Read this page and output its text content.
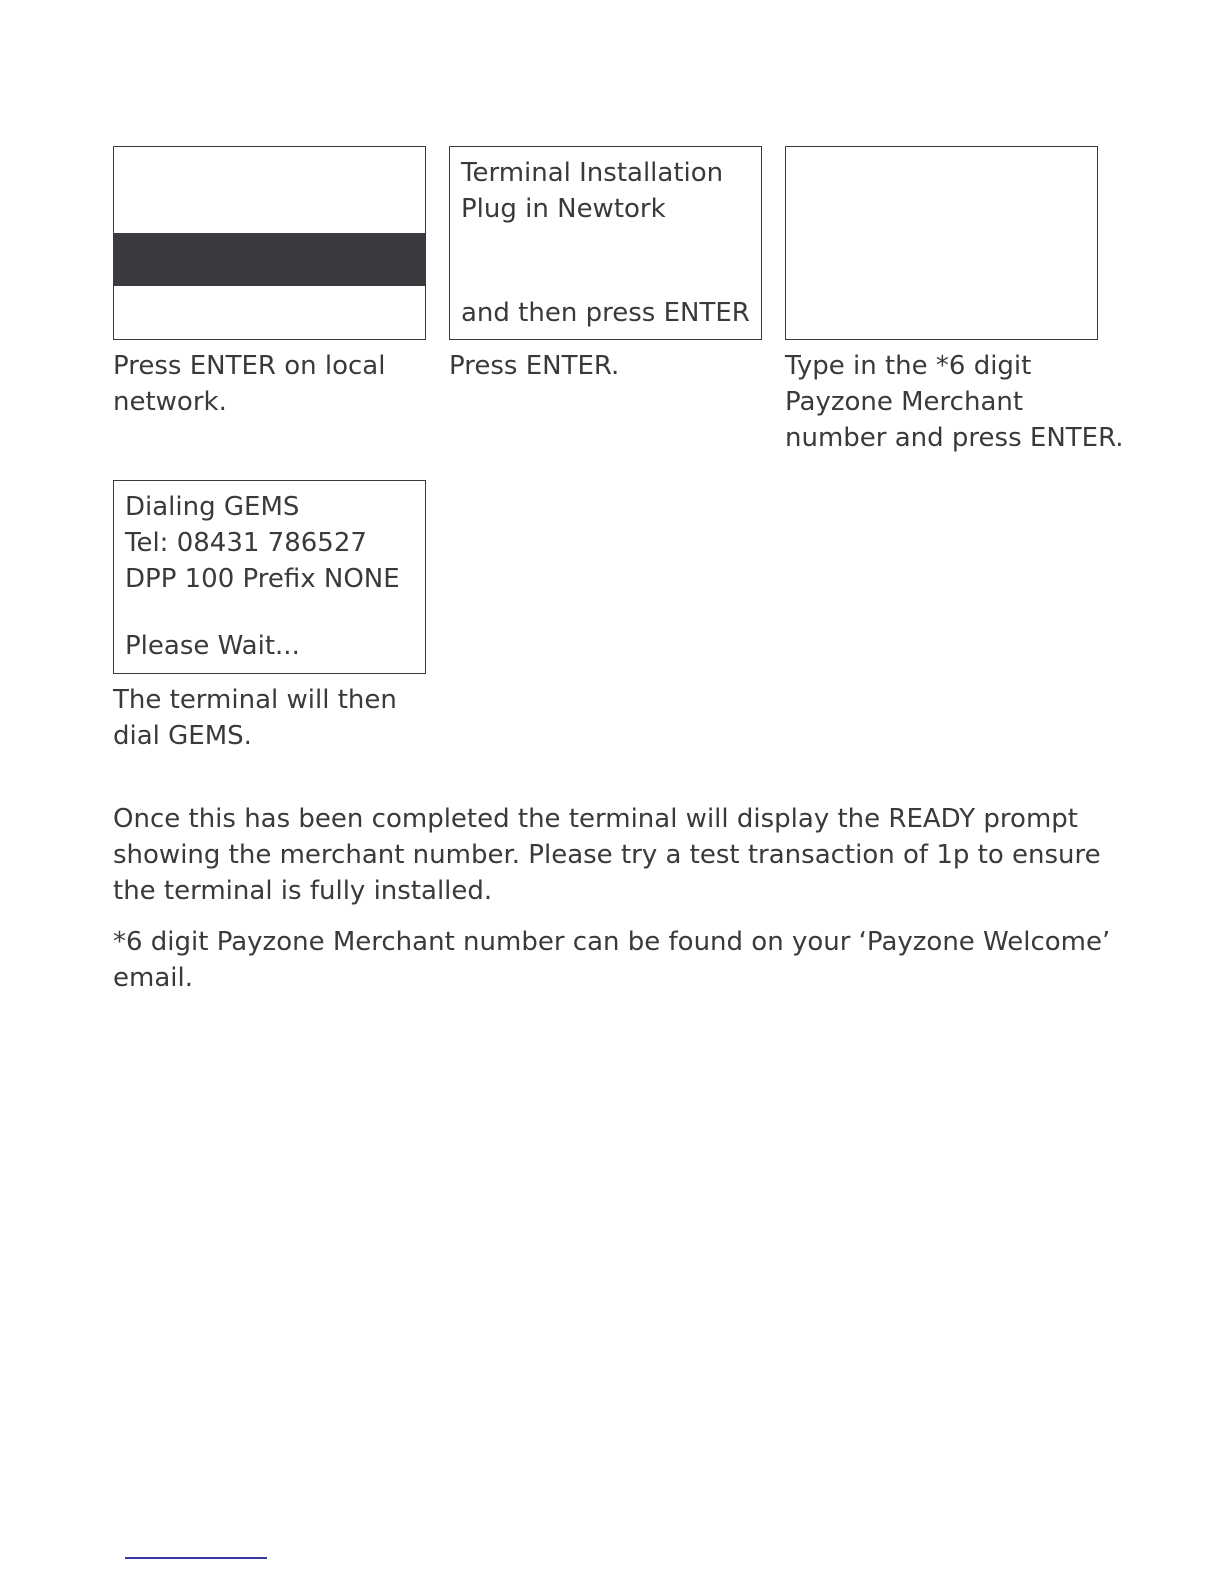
Terminal Installation
Plug in Newtork
and then press ENTER
Press ENTER on local
network.
Press ENTER.	Type in the *6 digit
Payzone Merchant
number and press ENTER.
Dialing GEMS
Tel: 08431 786527
DPP 100 Prefix NONE
Please Wait...
The terminal will then
dial GEMS.
Once this has been completed the terminal will display the READY prompt
showing the merchant number. Please try a test transaction of 1p to ensure
the terminal is fully installed.
*6 digit Payzone Merchant number can be found on your ‘Payzone Welcome’
email.
